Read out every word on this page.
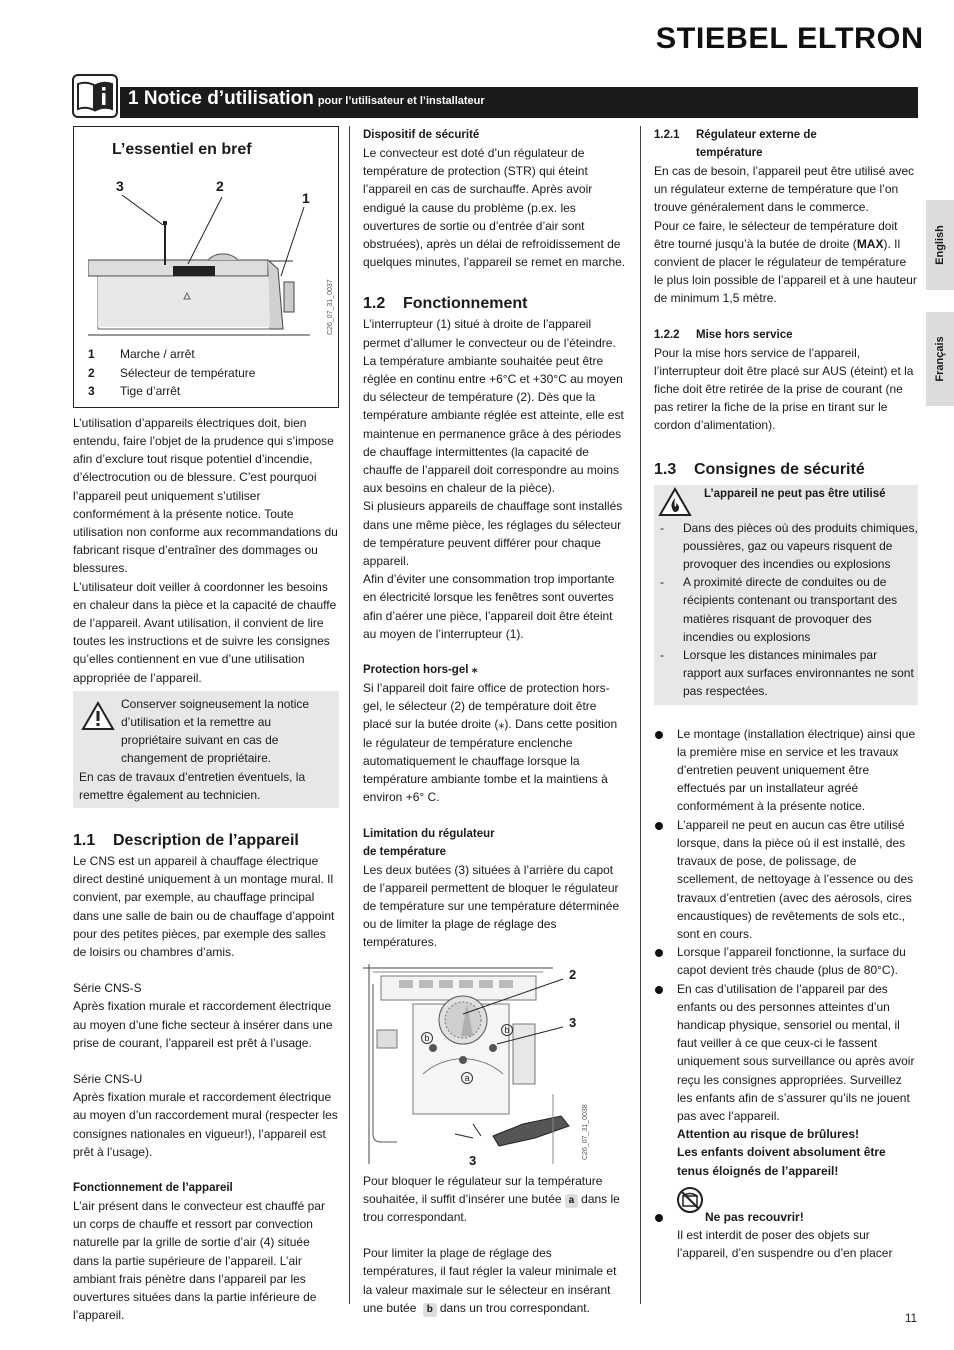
STIEBEL ELTRON
1 Notice d’utilisation pour l’utilisateur et l’installateur
English
Français
L’essentiel en bref
3	2
1
C26_07_31_0037
1	Marche / arrêt
2	Sélecteur de température
3	Tige d’arrêt

L’utilisation d’appareils électriques doit, bien entendu, faire l’objet de la prudence qui s’impose afin d’exclure tout risque potentiel d’incendie, d’électrocution ou de blessure. C’est pourquoi l’appareil peut uniquement s’utiliser conformément à la présente notice. Toute utilisation non conforme aux recommandations du fabricant risque d’entraîner des dommages ou blessures.

L’utilisateur doit veiller à coordonner les besoins en chaleur dans la pièce et la capacité de chauffe de l’appareil. Avant utilisation, il convient de lire toutes les instructions et de suivre les consignes qu’elles contiennent en vue d’une utilisation appropriée de l’appareil.

Conserver soigneusement la notice d’utilisation et la remettre au propriétaire suivant en cas de changement de propriétaire.

En cas de travaux d’entretien éventuels, la remettre également au technicien.

1.1 Description de l’appareil

Le CNS est un appareil à chauffage électrique direct destiné uniquement à un montage mural. Il convient, par exemple, au chauffage principal dans une salle de bain ou de chauffage d’appoint pour des petites pièces, par exemple des salles de loisirs ou chambres d’amis.

Série CNS-S

Après fixation murale et raccordement électrique au moyen d’une fiche secteur à insérer dans une prise de courant, l’appareil est prêt à l’usage.

Série CNS-U

Après fixation murale et raccordement électrique au moyen d’un raccordement mural (respecter les consignes nationales en vigueur!), l’appareil est prêt à l’usage).

Fonctionnement de l’appareil

L’air présent dans le convecteur est chauffé par un corps de chauffe et ressort par convection naturelle par la grille de sortie d’air (4) située dans la partie supérieure de l’appareil. L’air ambiant frais pénètre dans l’appareil par les ouvertures situées dans la partie inférieure de l’appareil.

Dispositif de sécurité

Le convecteur est doté d’un régulateur de température de protection (STR) qui éteint l’appareil en cas de surchauffe. Après avoir endigué la cause du problème (p.ex. les ouvertures de sortie ou d’entrée d’air sont obstruées), après un délai de refroidissement de quelques minutes, l’appareil se remet en marche.

1.2 Fonctionnement

L’interrupteur (1) situé à droite de l’appareil permet d’allumer le convecteur ou de l’éteindre. La température ambiante souhaitée peut être réglée en continu entre +6°C et +30°C au moyen du sélecteur de température (2). Dès que la température ambiante réglée est atteinte, elle est maintenue en permanence grâce à des périodes de chauffage intermittentes (la capacité de chauffe de l’appareil doit correspondre au moins aux besoins en chaleur de la pièce).

Si plusieurs appareils de chauffage sont installés dans une même pièce, les réglages du sélecteur de température peuvent différer pour chaque appareil.

Afin d’éviter une consommation trop importante en électricité lorsque les fenêtres sont ouvertes afin d’aérer une pièce, l’appareil doit être éteint au moyen de l’interrupteur (1).

Protection hors-gel ⁎

Si l’appareil doit faire office de protection hors-gel, le sélecteur (2) de température doit être placé sur la butée droite (⁎). Dans cette position le régulateur de température enclenche automatiquement le chauffage lorsque la température ambiante tombe et la maintiens à environ +6° C.

Limitation du régulateur
de température

Les deux butées (3) situées à l’arrière du capot de l’appareil permettent de bloquer le régulateur de température sur une température déterminée ou de limiter la plage de réglage des températures.

2
3
3
b
b
a
C26_07_31_0038

Pour bloquer le régulateur sur la température souhaitée, il suffit d’insérer une butée a dans le trou correspondant.

Pour limiter la plage de réglage des températures, il faut régler la valeur minimale et la valeur maximale sur le sélecteur en insérant une butée b dans un trou correspondant.

1.2.1	Régulateur externe de
température

En cas de besoin, l’appareil peut être utilisé avec un régulateur externe de température que l’on trouve généralement dans le commerce.

Pour ce faire, le sélecteur de température doit être tourné jusqu’à la butée de droite (MAX). Il convient de placer le régulateur de température le plus loin possible de l’appareil et à une hauteur de minimum 1,5 mètre.

1.2.2	Mise hors service

Pour la mise hors service de l’appareil, l’interrupteur doit être placé sur AUS (éteint) et la fiche doit être retirée de la prise de courant (ne pas retirer la fiche de la prise en tirant sur le cordon d’alimentation).

1.3 Consignes de sécurité
L’appareil ne peut pas être utilisé
- Dans des pièces où des produits chimiques, poussières, gaz ou vapeurs risquent de provoquer des incendies ou explosions
- A proximité directe de conduites ou de récipients contenant ou transportant des matières risquant de provoquer des incendies ou explosions
- Lorsque les distances minimales par rapport aux surfaces environnantes ne sont pas respectées.
Le montage (installation électrique) ainsi que la première mise en service et les travaux d’entretien peuvent uniquement être effectués par un installateur agréé conformément à la présente notice.
L’appareil ne peut en aucun cas être utilisé lorsque, dans la pièce où il est installé, des travaux de pose, de polissage, de scellement, de nettoyage à l’essence ou des travaux d’entretien (avec des aérosols, cires encaustiques) de revêtements de sols etc., sont en cours.
Lorsque l’appareil fonctionne, la surface du capot devient très chaude (plus de 80°C).
En cas d’utilisation de l’appareil par des enfants ou des personnes atteintes d’un handicap physique, sensoriel ou mental, il faut veiller à ce que ceux-ci le fassent uniquement sous surveillance ou après avoir reçu les consignes appropriées. Surveillez les enfants afin de s’assurer qu’ils ne jouent pas avec l’appareil.
Attention au risque de brûlures!
Les enfants doivent absolument être tenus éloignés de l’appareil!
Ne pas recouvrir!
Il est interdit de poser des objets sur l’appareil, d’en suspendre ou d’en placer
11
